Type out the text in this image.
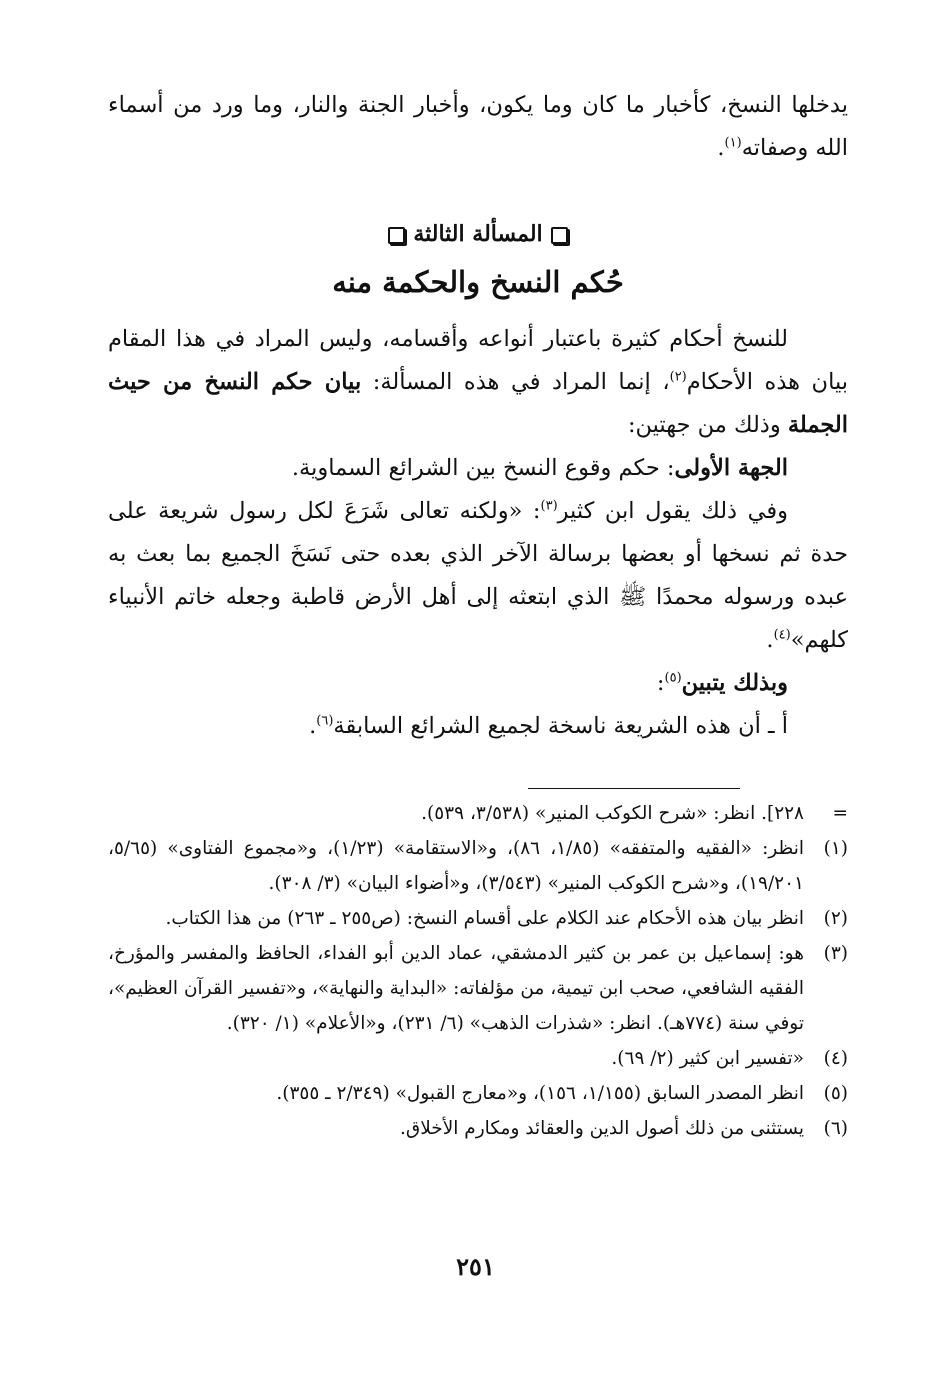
يدخلها النسخ، كأخبار ما كان وما يكون، وأخبار الجنة والنار، وما ورد من أسماء الله وصفاته$^{(١)}$.

المسألة الثالثة
حُكم النسخ والحكمة منه

للنسخ أحكام كثيرة باعتبار أنواعه وأقسامه، وليس المراد في هذا المقام بيان هذه الأحكام$^{(٢)}$، إنما المراد في هذه المسألة: بيان حكم النسخ من حيث الجملة وذلك من جهتين:

الجهة الأولى: حكم وقوع النسخ بين الشرائع السماوية.

وفي ذلك يقول ابن كثير$^{(٣)}$: «ولكنه تعالى شَرَعَ لكل رسول شريعة على حدة ثم نسخها أو بعضها برسالة الآخر الذي بعده حتى نَسَخَ الجميع بما بعث به عبده ورسوله محمدًا ﷺ الذي ابتعثه إلى أهل الأرض قاطبة وجعله خاتم الأنبياء كلهم»$^{(٤)}$.

وبذلك يتبين$^{(٥)}$:

أ ـ أن هذه الشريعة ناسخة لجميع الشرائع السابقة$^{(٦)}$.

=
٢٢٨]. انظر: «شرح الكوكب المنير» (٣/٥٣٨، ٥٣٩).
(١)
انظر: «الفقيه والمتفقه» (١/٨٥، ٨٦)، و«الاستقامة» (١/٢٣)، و«مجموع الفتاوى» (٥/٦٥، ١٩/٢٠١)، و«شرح الكوكب المنير» (٣/٥٤٣)، و«أضواء البيان» (٣/ ٣٠٨).
(٢)
انظر بيان هذه الأحكام عند الكلام على أقسام النسخ: (ص٢٥٥ ـ ٢٦٣) من هذا الكتاب.
(٣)
هو: إسماعيل بن عمر بن كثير الدمشقي، عماد الدين أبو الفداء، الحافظ والمفسر والمؤرخ، الفقيه الشافعي، صحب ابن تيمية، من مؤلفاته: «البداية والنهاية»، و«تفسير القرآن العظيم»، توفي سنة (٧٧٤هـ). انظر: «شذرات الذهب» (٦/ ٢٣١)، و«الأعلام» (١/ ٣٢٠).
(٤)
«تفسير ابن كثير (٢/ ٦٩).
(٥)
انظر المصدر السابق (١/١٥٥، ١٥٦)، و«معارج القبول» (٢/٣٤٩ ـ ٣٥٥).
(٦)
يستثنى من ذلك أصول الدين والعقائد ومكارم الأخلاق.
٢٥١
